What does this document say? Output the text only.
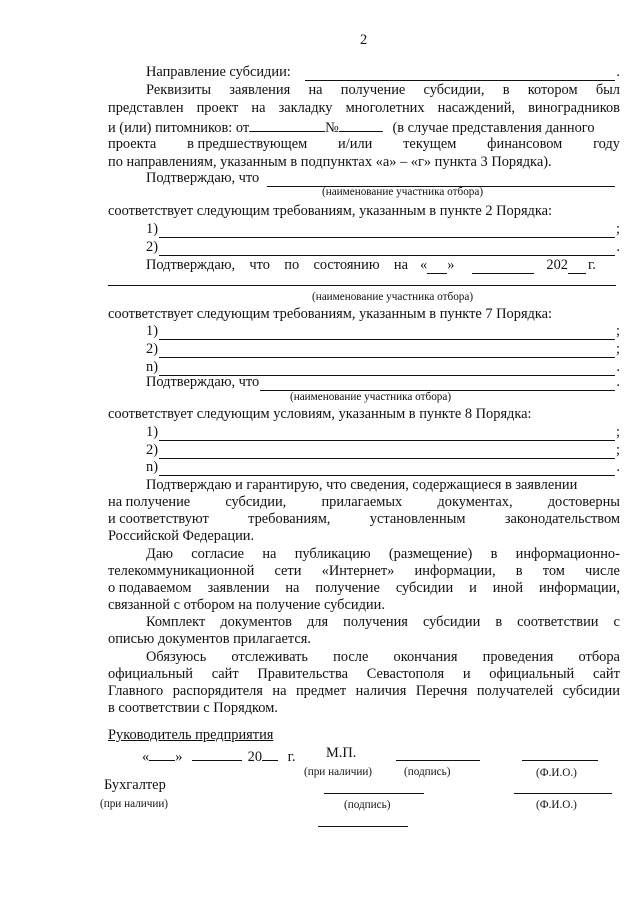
2
Направление субсидии:	.
Реквизиты заявления на получение субсидии, в котором был
представлен проект на закладку многолетних насаждений, виноградников
и (или) питомников: от	№	(в случае представления данного
проекта в предшествующем и/или текущем финансовом году
по направлениям, указанным в подпунктах «а» – «г» пункта 3 Порядка).
Подтверждаю, что
(наименование участника отбора)
соответствует следующим требованиям, указанным в пункте 2 Порядка:
1)	;
2)	.
Подтверждаю, что по состоянию на « »	202 г.
(наименование участника отбора)
соответствует следующим требованиям, указанным в пункте 7 Порядка:
1)	;
2)	;
n)	.
Подтверждаю, что	.
(наименование участника отбора)
соответствует следующим условиям, указанным в пункте 8 Порядка:
1)	;
2)	;
n)	.
Подтверждаю и гарантирую, что сведения, содержащиеся в заявлении
на получение субсидии, прилагаемых документах, достоверны
и соответствуют	требованиям,	установленным	законодательством
Российской Федерации.
Даю согласие на публикацию (размещение) в информационно-
телекоммуникационной сети «Интернет» информации, в том числе
о подаваемом заявлении на получение субсидии и иной информации,
связанной с отбором на получение субсидии.
Комплект документов для получения субсидии в соответствии с
описью документов прилагается.
Обязуюсь отслеживать после окончания проведения отбора
официальный сайт Правительства Севастополя и официальный сайт
Главного распорядителя на предмет наличия Перечня получателей субсидии
в соответствии с Порядком.
Руководитель предприятия
« »	20 г. М.П.
(при наличии)	(подпись)	(Ф.И.О.)
Бухгалтер
(при наличии)	(подпись)	(Ф.И.О.)
